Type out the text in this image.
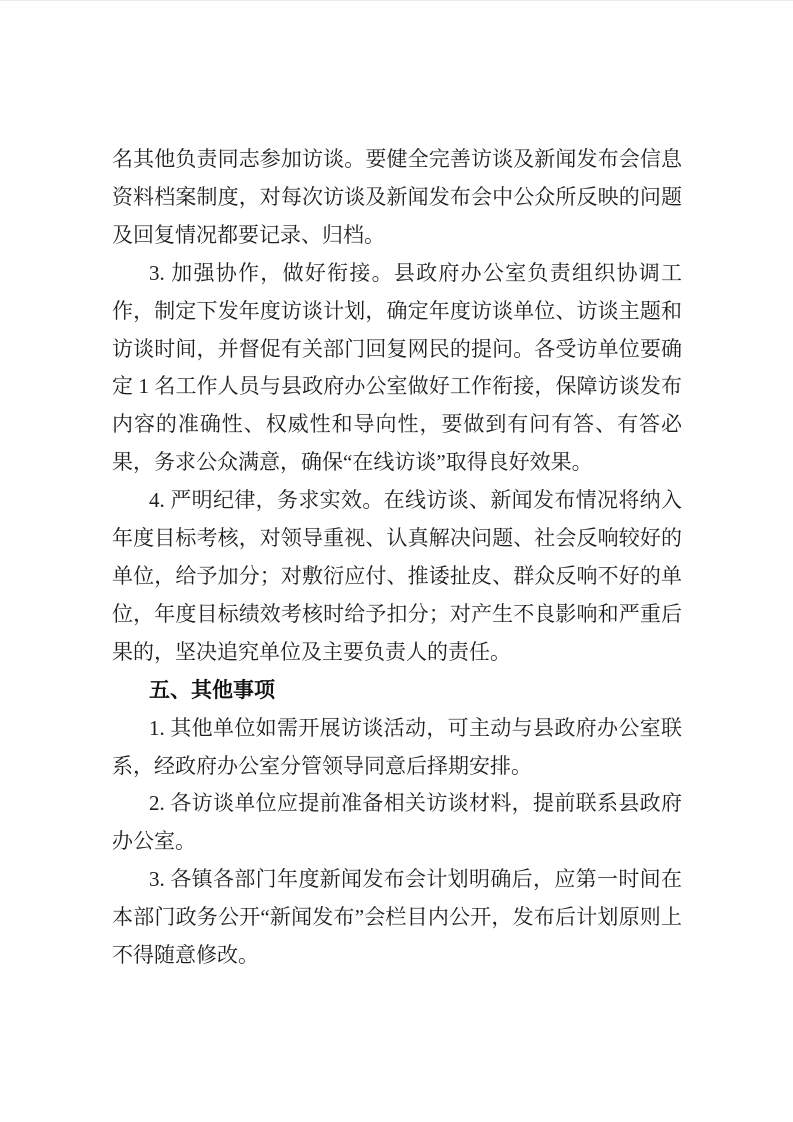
名其他负责同志参加访谈。要健全完善访谈及新闻发布会信息资料档案制度，对每次访谈及新闻发布会中公众所反映的问题及回复情况都要记录、归档。

3. 加强协作，做好衔接。县政府办公室负责组织协调工作，制定下发年度访谈计划，确定年度访谈单位、访谈主题和访谈时间，并督促有关部门回复网民的提问。各受访单位要确定 1 名工作人员与县政府办公室做好工作衔接，保障访谈发布内容的准确性、权威性和导向性，要做到有问有答、有答必果，务求公众满意，确保“在线访谈”取得良好效果。

4. 严明纪律，务求实效。在线访谈、新闻发布情况将纳入年度目标考核，对领导重视、认真解决问题、社会反响较好的单位，给予加分；对敷衍应付、推诿扯皮、群众反响不好的单位，年度目标绩效考核时给予扣分；对产生不良影响和严重后果的，坚决追究单位及主要负责人的责任。

五、其他事项

1. 其他单位如需开展访谈活动，可主动与县政府办公室联系，经政府办公室分管领导同意后择期安排。

2. 各访谈单位应提前准备相关访谈材料，提前联系县政府办公室。

3. 各镇各部门年度新闻发布会计划明确后，应第一时间在本部门政务公开“新闻发布”会栏目内公开，发布后计划原则上不得随意修改。
